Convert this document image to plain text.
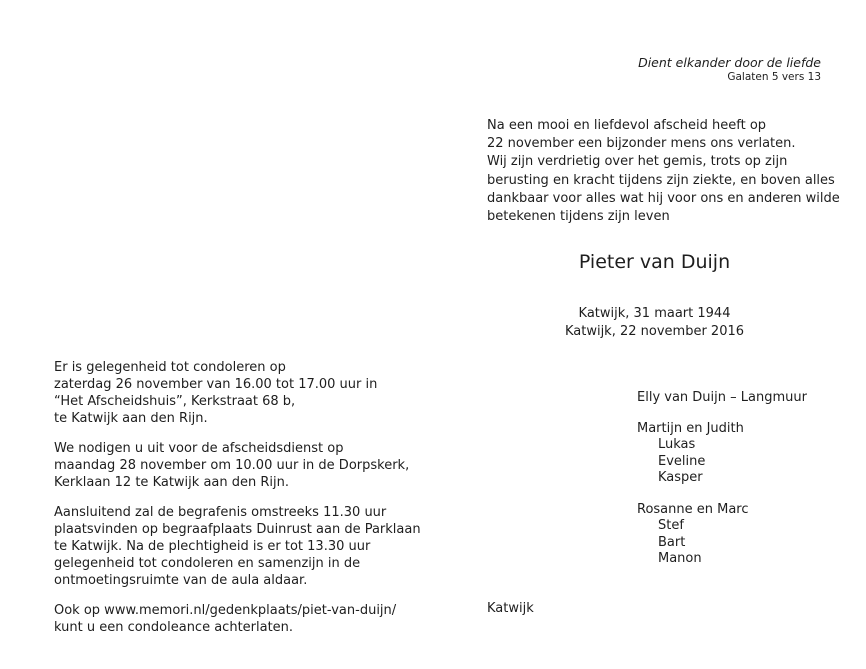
Dient elkander door de liefde
Galaten 5 vers 13
Na een mooi en liefdevol afscheid heeft op
22 november een bijzonder mens ons verlaten.
Wij zijn verdrietig over het gemis, trots op zijn
berusting en kracht tijdens zijn ziekte, en boven alles
dankbaar voor alles wat hij voor ons en anderen wilde
betekenen tijdens zijn leven
Pieter van Duijn
Katwijk, 31 maart 1944
Katwijk, 22 november 2016
Elly van Duijn – Langmuur
Martijn en Judith
Lukas
Eveline
Kasper
Rosanne en Marc
Stef
Bart
Manon
Katwijk

Er is gelegenheid tot condoleren op
zaterdag 26 november van 16.00 tot 17.00 uur in
“Het Afscheidshuis”, Kerkstraat 68 b,
te Katwijk aan den Rijn.

We nodigen u uit voor de afscheidsdienst op
maandag 28 november om 10.00 uur in de Dorpskerk,
Kerklaan 12 te Katwijk aan den Rijn.

Aansluitend zal de begrafenis omstreeks 11.30 uur
plaatsvinden op begraafplaats Duinrust aan de Parklaan
te Katwijk. Na de plechtigheid is er tot 13.30 uur
gelegenheid tot condoleren en samenzijn in de
ontmoetingsruimte van de aula aldaar.

Ook op www.memori.nl/gedenkplaats/piet-van-duijn/
kunt u een condoleance achterlaten.
